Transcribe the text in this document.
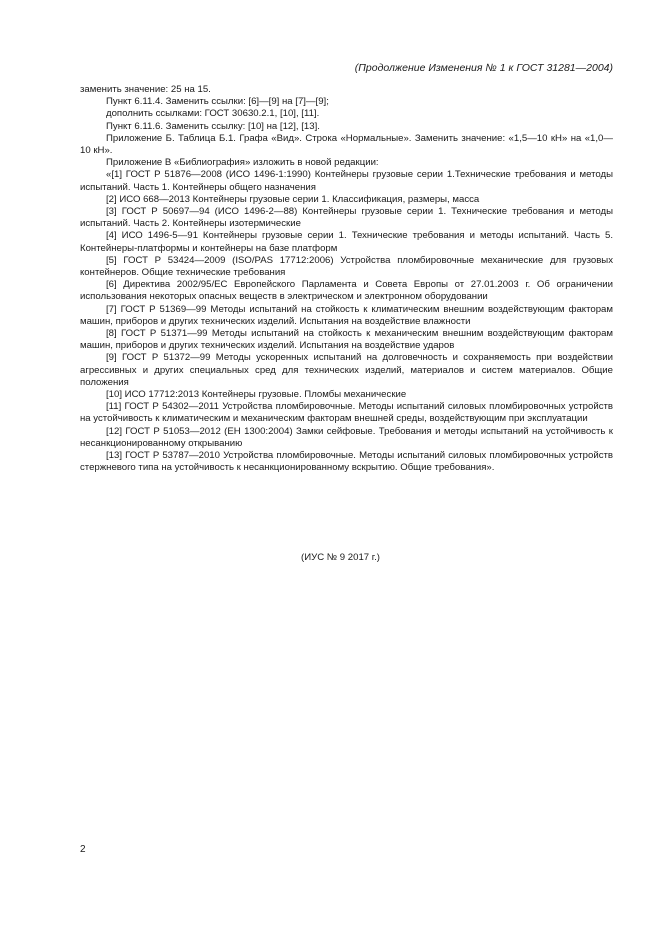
(Продолжение Изменения № 1 к ГОСТ 31281—2004)

заменить значение: 25 на 15.

Пункт 6.11.4. Заменить ссылки: [6]—[9] на [7]—[9];

дополнить ссылками: ГОСТ 30630.2.1, [10], [11].

Пункт 6.11.6. Заменить ссылку: [10] на [12], [13].

Приложение Б. Таблица Б.1. Графа «Вид». Строка «Нормальные». Заменить значение: «1,5—10 кН» на «1,0—10 кН».

Приложение В «Библиография» изложить в новой редакции:

«[1] ГОСТ Р 51876—2008 (ИСО 1496-1:1990) Контейнеры грузовые серии 1.Технические требования и методы испытаний. Часть 1. Контейнеры общего назначения

[2] ИСО 668—2013 Контейнеры грузовые серии 1. Классификация, размеры, масса

[3] ГОСТ Р 50697—94 (ИСО 1496-2—88) Контейнеры грузовые серии 1. Технические требования и методы испытаний. Часть 2. Контейнеры изотермические

[4] ИСО 1496-5—91 Контейнеры грузовые серии 1. Технические требования и методы испытаний. Часть 5. Контейнеры-платформы и контейнеры на базе платформ

[5] ГОСТ Р 53424—2009 (ISO/PAS 17712:2006) Устройства пломбировочные механические для грузовых контейнеров. Общие технические требования

[6] Директива 2002/95/ЕС Европейского Парламента и Совета Европы от 27.01.2003 г. Об ограничении использования некоторых опасных веществ в электрическом и электронном оборудовании

[7] ГОСТ Р 51369—99 Методы испытаний на стойкость к климатическим внешним воздействующим факторам машин, приборов и других технических изделий. Испытания на воздействие влажности

[8] ГОСТ Р 51371—99 Методы испытаний на стойкость к механическим внешним воздействующим факторам машин, приборов и других технических изделий. Испытания на воздействие ударов

[9] ГОСТ Р 51372—99 Методы ускоренных испытаний на долговечность и сохраняемость при воздействии агрессивных и других специальных сред для технических изделий, материалов и систем материалов. Общие положения

[10] ИСО 17712:2013 Контейнеры грузовые. Пломбы механические

[11] ГОСТ Р 54302—2011 Устройства пломбировочные. Методы испытаний силовых пломбировочных устройств на устойчивость к климатическим и механическим факторам внешней среды, воздействующим при эксплуатации

[12] ГОСТ Р 51053—2012 (ЕН 1300:2004) Замки сейфовые. Требования и методы испытаний на устойчивость к несанкционированному открыванию

[13] ГОСТ Р 53787—2010 Устройства пломбировочные. Методы испытаний силовых пломбировочных устройств стержневого типа на устойчивость к несанкционированному вскрытию. Общие требования».

(ИУС № 9 2017 г.)
2
